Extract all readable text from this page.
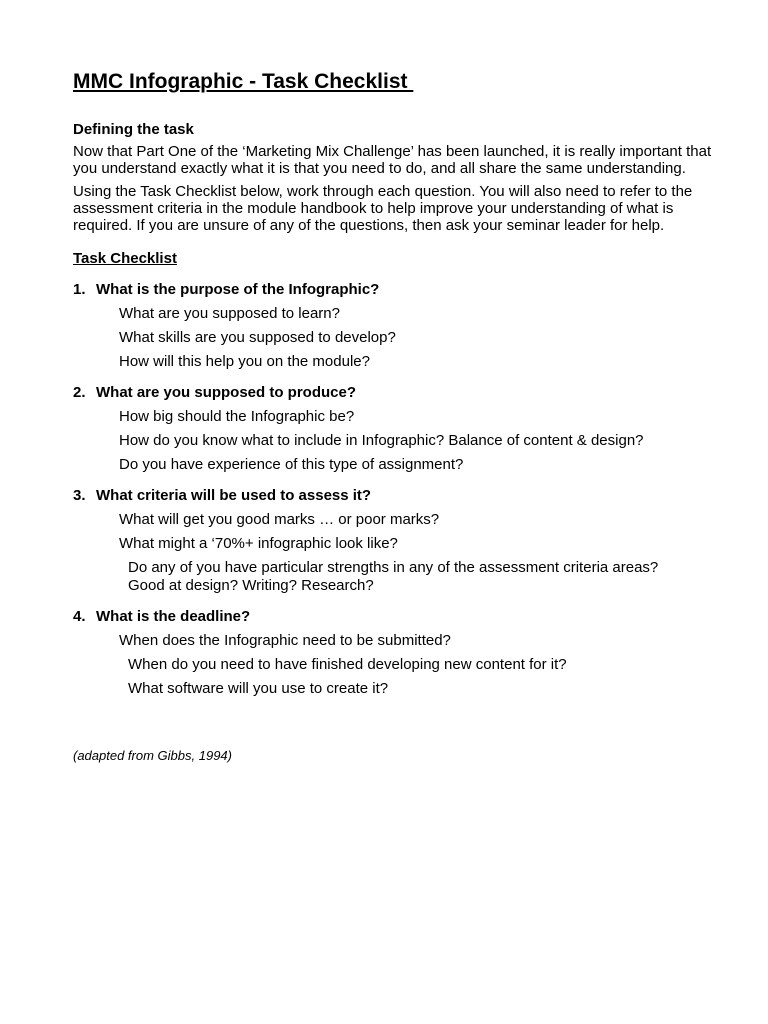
MMC Infographic - Task Checklist
Defining the task

Now that Part One of the ‘Marketing Mix Challenge’ has been launched, it is really important that you understand exactly what it is that you need to do, and all share the same understanding.

Using the Task Checklist below, work through each question. You will also need to refer to the assessment criteria in the module handbook to help improve your understanding of what is required. If you are unsure of any of the questions, then ask your seminar leader for help.

Task Checklist
1. What is the purpose of the Infographic?
What are you supposed to learn?
What skills are you supposed to develop?
How will this help you on the module?
2. What are you supposed to produce?
How big should the Infographic be?
How do you know what to include in Infographic? Balance of content & design?
Do you have experience of this type of assignment?
3. What criteria will be used to assess it?
What will get you good marks … or poor marks?
What might a ‘70%+ infographic look like?
Do any of you have particular strengths in any of the assessment criteria areas?
Good at design? Writing? Research?
4. What is the deadline?
When does the Infographic need to be submitted?
When do you need to have finished developing new content for it?
What software will you use to create it?
(adapted from Gibbs, 1994)
